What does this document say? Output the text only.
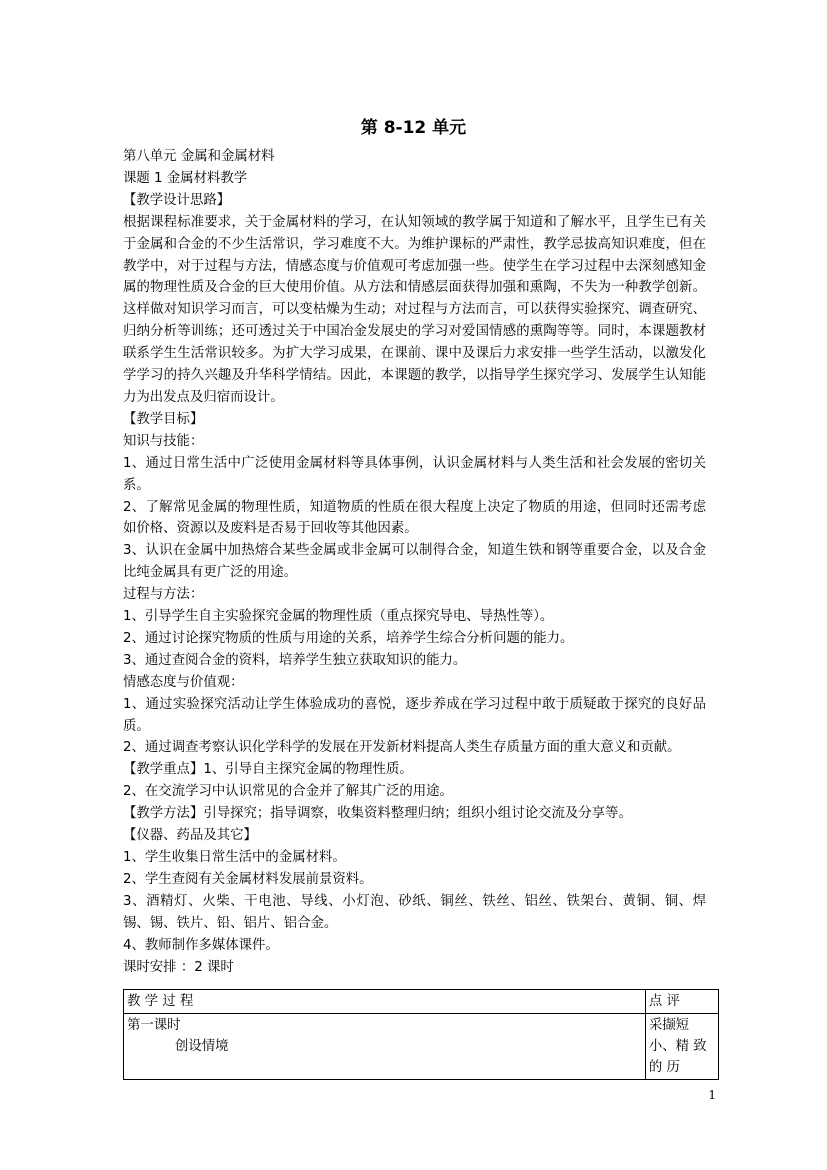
第 8-12 单元

第八单元 金属和金属材料

课题 1 金属材料教学

【教学设计思路】

根据课程标准要求，关于金属材料的学习，在认知领域的教学属于知道和了解水平，且学生已有关于金属和合金的不少生活常识，学习难度不大。为维护课标的严肃性，教学忌拔高知识难度，但在教学中，对于过程与方法，情感态度与价值观可考虑加强一些。使学生在学习过程中去深刻感知金属的物理性质及合金的巨大使用价值。从方法和情感层面获得加强和熏陶，不失为一种教学创新。这样做对知识学习而言，可以变枯燥为生动；对过程与方法而言，可以获得实验探究、调查研究、归纳分析等训练；还可透过关于中国冶金发展史的学习对爱国情感的熏陶等等。同时，本课题教材联系学生生活常识较多。为扩大学习成果，在课前、课中及课后力求安排一些学生活动，以激发化学学习的持久兴趣及升华科学情结。因此，本课题的教学，以指导学生探究学习、发展学生认知能力为出发点及归宿而设计。

【教学目标】

知识与技能：

1、通过日常生活中广泛使用金属材料等具体事例，认识金属材料与人类生活和社会发展的密切关系。

2、了解常见金属的物理性质，知道物质的性质在很大程度上决定了物质的用途，但同时还需考虑如价格、资源以及废料是否易于回收等其他因素。

3、认识在金属中加热熔合某些金属或非金属可以制得合金，知道生铁和钢等重要合金，以及合金比纯金属具有更广泛的用途。

过程与方法：

1、引导学生自主实验探究金属的物理性质（重点探究导电、导热性等）。

2、通过讨论探究物质的性质与用途的关系，培养学生综合分析问题的能力。

3、通过查阅合金的资料，培养学生独立获取知识的能力。

情感态度与价值观：

1、通过实验探究活动让学生体验成功的喜悦，逐步养成在学习过程中敢于质疑敢于探究的良好品质。

2、通过调查考察认识化学科学的发展在开发新材料提高人类生存质量方面的重大意义和贡献。

【教学重点】1、引导自主探究金属的物理性质。

2、在交流学习中认识常见的合金并了解其广泛的用途。

【教学方法】引导探究；指导调察，收集资料整理归纳；组织小组讨论交流及分享等。

【仪器、药品及其它】

1、学生收集日常生活中的金属材料。

2、学生查阅有关金属材料发展前景资料。

3、酒精灯、火柴、干电池、导线、小灯泡、砂纸、铜丝、铁丝、铝丝、铁架台、黄铜、铜、焊锡、锡、铁片、铅、铝片、铝合金。

4、教师制作多媒体课件。

课时安排 ：2 课时

教 学 过 程	点 评

第一课时
创设情境	采撷短小、精 致 的 历
1
